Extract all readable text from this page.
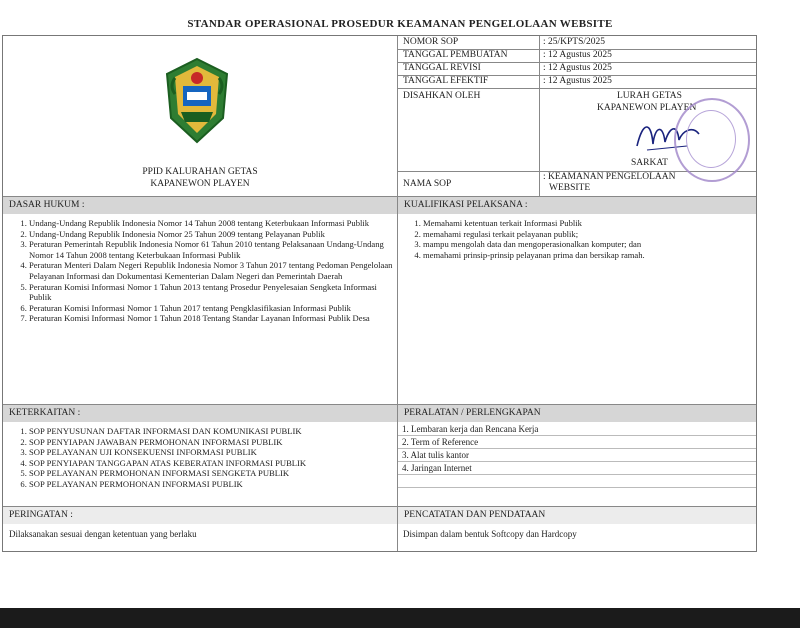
STANDAR OPERASIONAL PROSEDUR KEAMANAN PENGELOLAAN WEBSITE
PPID KALURAHAN GETAS
KAPANEWON PLAYEN
NOMOR SOP	: 25/KPTS/2025
TANGGAL PEMBUATAN	: 12 Agustus 2025
TANGGAL REVISI	: 12 Agustus 2025
TANGGAL EFEKTIF	: 12 Agustus 2025
DISAHKAN OLEH	LURAH GETAS
KAPANEWON PLAYEN
SARKAT
NAMA SOP
: KEAMANAN PENGELOLAAN
WEBSITE
DASAR HUKUM :
1. Undang-Undang Republik Indonesia Nomor 14 Tahun 2008 tentang Keterbukaan Informasi Publik
2. Undang-Undang Republik Indonesia Nomor 25 Tahun 2009 tentang Pelayanan Publik
3. Peraturan Pemerintah Republik Indonesia Nomor 61 Tahun 2010 tentang Pelaksanaan Undang-Undang Nomor 14 Tahun 2008 tentang Keterbukaan Informasi Publik
4. Peraturan Menteri Dalam Negeri Republik Indonesia Nomor 3 Tahun 2017 tentang Pedoman Pengelolaan Pelayanan Informasi dan Dokumentasi Kementerian Dalam Negeri dan Pemerintah Daerah
5. Peraturan Komisi Informasi Nomor 1 Tahun 2013 tentang Prosedur Penyelesaian Sengketa Informasi Publik
6. Peraturan Komisi Informasi Nomor 1 Tahun 2017 tentang Pengklasifikasian Informasi Publik
7. Peraturan Komisi Informasi Nomor 1 Tahun 2018 Tentang Standar Layanan Informasi Publik Desa
KUALIFIKASI PELAKSANA :
1. Memahami ketentuan terkait Informasi Publik
2. memahami regulasi terkait pelayanan publik;
3. mampu mengolah data dan mengoperasionalkan komputer; dan
4. memahami prinsip-prinsip pelayanan prima dan bersikap ramah.
KETERKAITAN :
1. SOP PENYUSUNAN DAFTAR INFORMASI DAN KOMUNIKASI PUBLIK
2. SOP PENYIAPAN JAWABAN PERMOHONAN INFORMASI PUBLIK
3. SOP PELAYANAN UJI KONSEKUENSI INFORMASI PUBLIK
4. SOP PENYIAPAN TANGGAPAN ATAS KEBERATAN INFORMASI PUBLIK
5. SOP PELAYANAN PERMOHONAN INFORMASI SENGKETA PUBLIK
6. SOP PELAYANAN PERMOHONAN INFORMASI PUBLIK
PERALATAN / PERLENGKAPAN
1. Lembaran kerja dan Rencana Kerja
2. Term of Reference
3. Alat tulis kantor
4. Jaringan Internet
PERINGATAN :
Dilaksanakan sesuai dengan ketentuan yang berlaku
PENCATATAN DAN PENDATAAN
Disimpan dalam bentuk Softcopy dan Hardcopy
